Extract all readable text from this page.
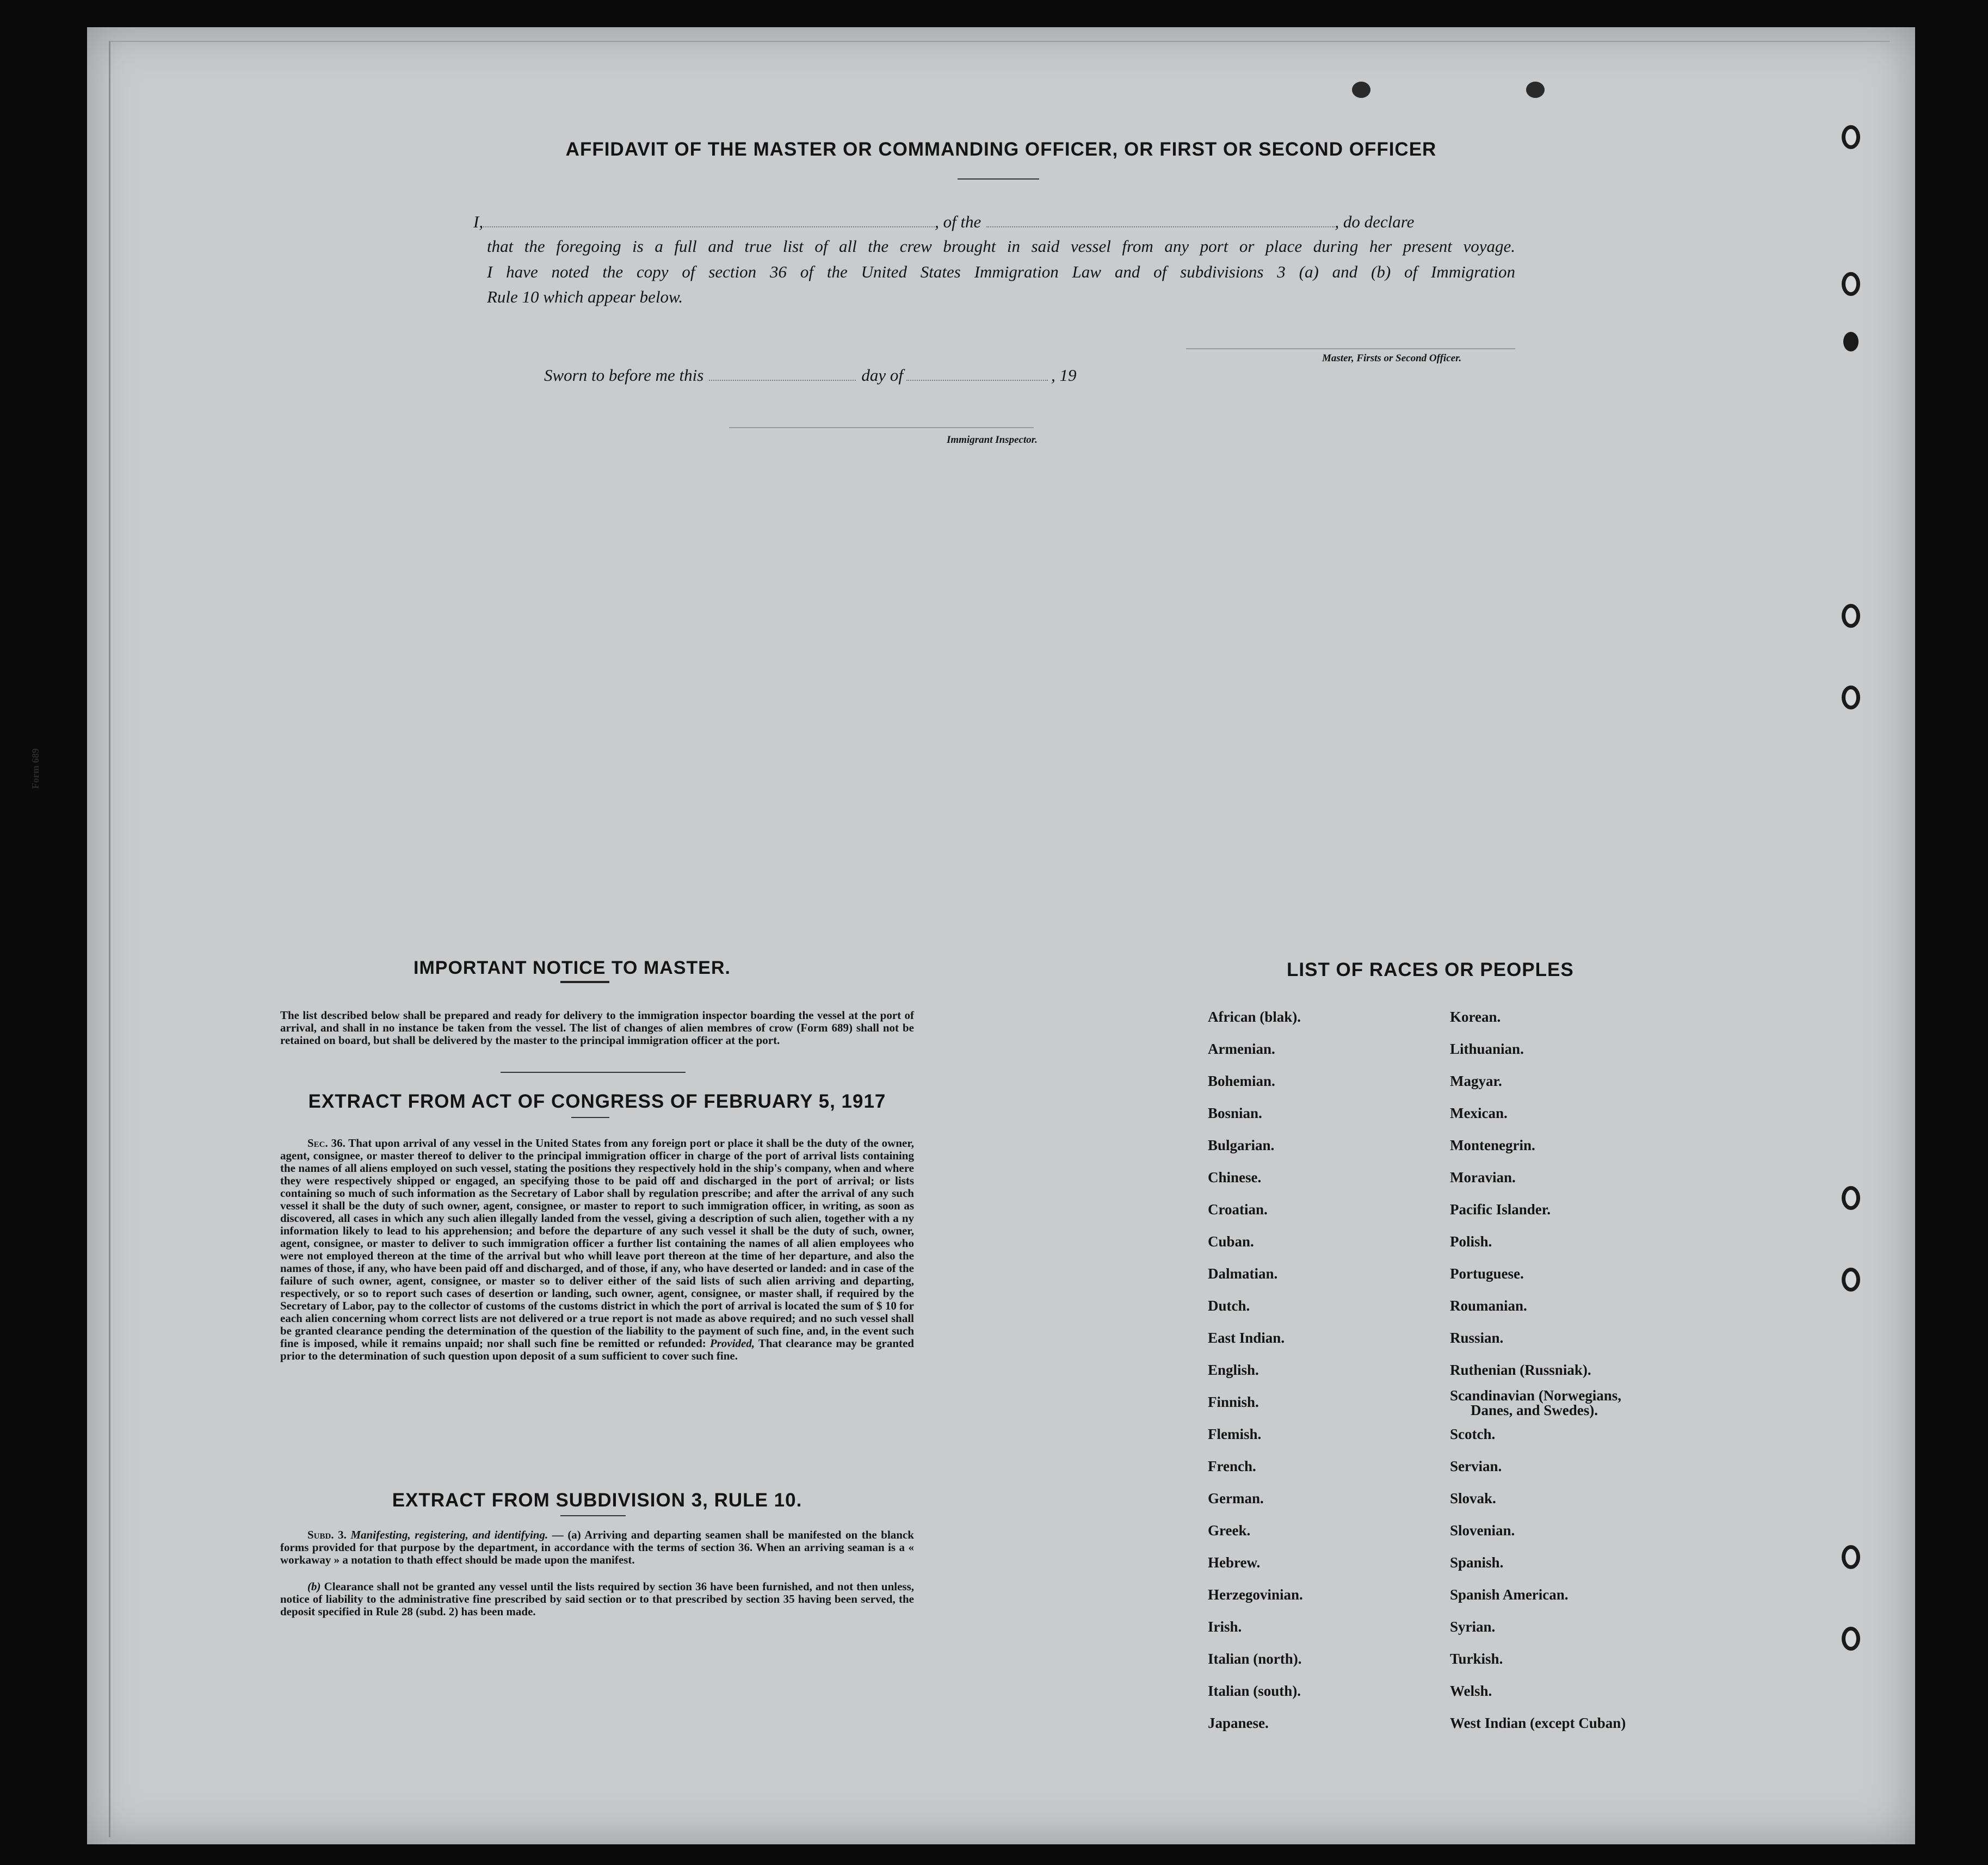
Form 689
AFFIDAVIT OF THE MASTER OR COMMANDING OFFICER, OR FIRST OR SECOND OFFICER
I,	, of the	, do declare
that the foregoing is a full and true list of all the crew brought in said vessel from any port or place during her present voyage.
I have noted the copy of section 36 of the United States Immigration Law and of subdivisions 3 (a) and (b) of Immigration
Rule 10 which appear below.
Master, Firsts or Second Officer.
Sworn to before me this	day of	, 19
Immigrant Inspector.
IMPORTANT NOTICE TO MASTER.
The list described below shall be prepared and ready for delivery to the immigration inspector boarding the vessel at the port of arrival, and shall in no instance be taken from the vessel. The list of changes of alien membres of crow (Form 689) shall not be retained on board, but shall be delivered by the master to the principal immigration officer at the port.
EXTRACT FROM ACT OF CONGRESS OF FEBRUARY 5, 1917
Sec. 36. That upon arrival of any vessel in the United States from any foreign port or place it shall be the duty of the owner, agent, consignee, or master thereof to deliver to the principal immigration officer in charge of the port of arrival lists containing the names of all aliens employed on such vessel, stating the positions they respectively hold in the ship's company, when and where they were respectively shipped or engaged, an specifying those to be paid off and discharged in the port of arrival; or lists containing so much of such information as the Secretary of Labor shall by regulation prescribe; and after the arrival of any such vessel it shall be the duty of such owner, agent, consignee, or master to report to such immigration officer, in writing, as soon as discovered, all cases in which any such alien illegally landed from the vessel, giving a description of such alien, together with a ny information likely to lead to his apprehension; and before the departure of any such vessel it shall be the duty of such, owner, agent, consignee, or master to deliver to such immigration officer a further list containing the names of all alien employees who were not employed thereon at the time of the arrival but who whill leave port thereon at the time of her departure, and also the names of those, if any, who have been paid off and discharged, and of those, if any, who have deserted or landed: and in case of the failure of such owner, agent, consignee, or master so to deliver either of the said lists of such alien arriving and departing, respectively, or so to report such cases of desertion or landing, such owner, agent, consignee, or master shall, if required by the Secretary of Labor, pay to the collector of customs of the customs district in which the port of arrival is located the sum of $ 10 for each alien concerning whom correct lists are not delivered or a true report is not made as above required; and no such vessel shall be granted clearance pending the determination of the question of the liability to the payment of such fine, and, in the event such fine is imposed, while it remains unpaid; nor shall such fine be remitted or refunded: Provided, That clearance may be granted prior to the determination of such question upon deposit of a sum sufficient to cover such fine.
EXTRACT FROM SUBDIVISION 3, RULE 10.
Subd. 3. Manifesting, registering, and identifying. — (a) Arriving and departing seamen shall be manifested on the blanck forms provided for that purpose by the department, in accordance with the terms of section 36. When an arriving seaman is a « workaway » a notation to thath effect should be made upon the manifest.
(b) Clearance shall not be granted any vessel until the lists required by section 36 have been furnished, and not then unless, notice of liability to the administrative fine prescribed by said section or to that prescribed by section 35 having been served, the deposit specified in Rule 28 (subd. 2) has been made.
LIST OF RACES OR PEOPLES
African (blak).
Armenian.
Bohemian.
Bosnian.
Bulgarian.
Chinese.
Croatian.
Cuban.
Dalmatian.
Dutch.
East Indian.
English.
Finnish.
Flemish.
French.
German.
Greek.
Hebrew.
Herzegovinian.
Irish.
Italian (north).
Italian (south).
Japanese.
Korean.
Lithuanian.
Magyar.
Mexican.
Montenegrin.
Moravian.
Pacific Islander.
Polish.
Portuguese.
Roumanian.
Russian.
Ruthenian (Russniak).
Scandinavian (Norwegians,
Danes, and Swedes).
Scotch.
Servian.
Slovak.
Slovenian.
Spanish.
Spanish American.
Syrian.
Turkish.
Welsh.
West Indian (except Cuban)
